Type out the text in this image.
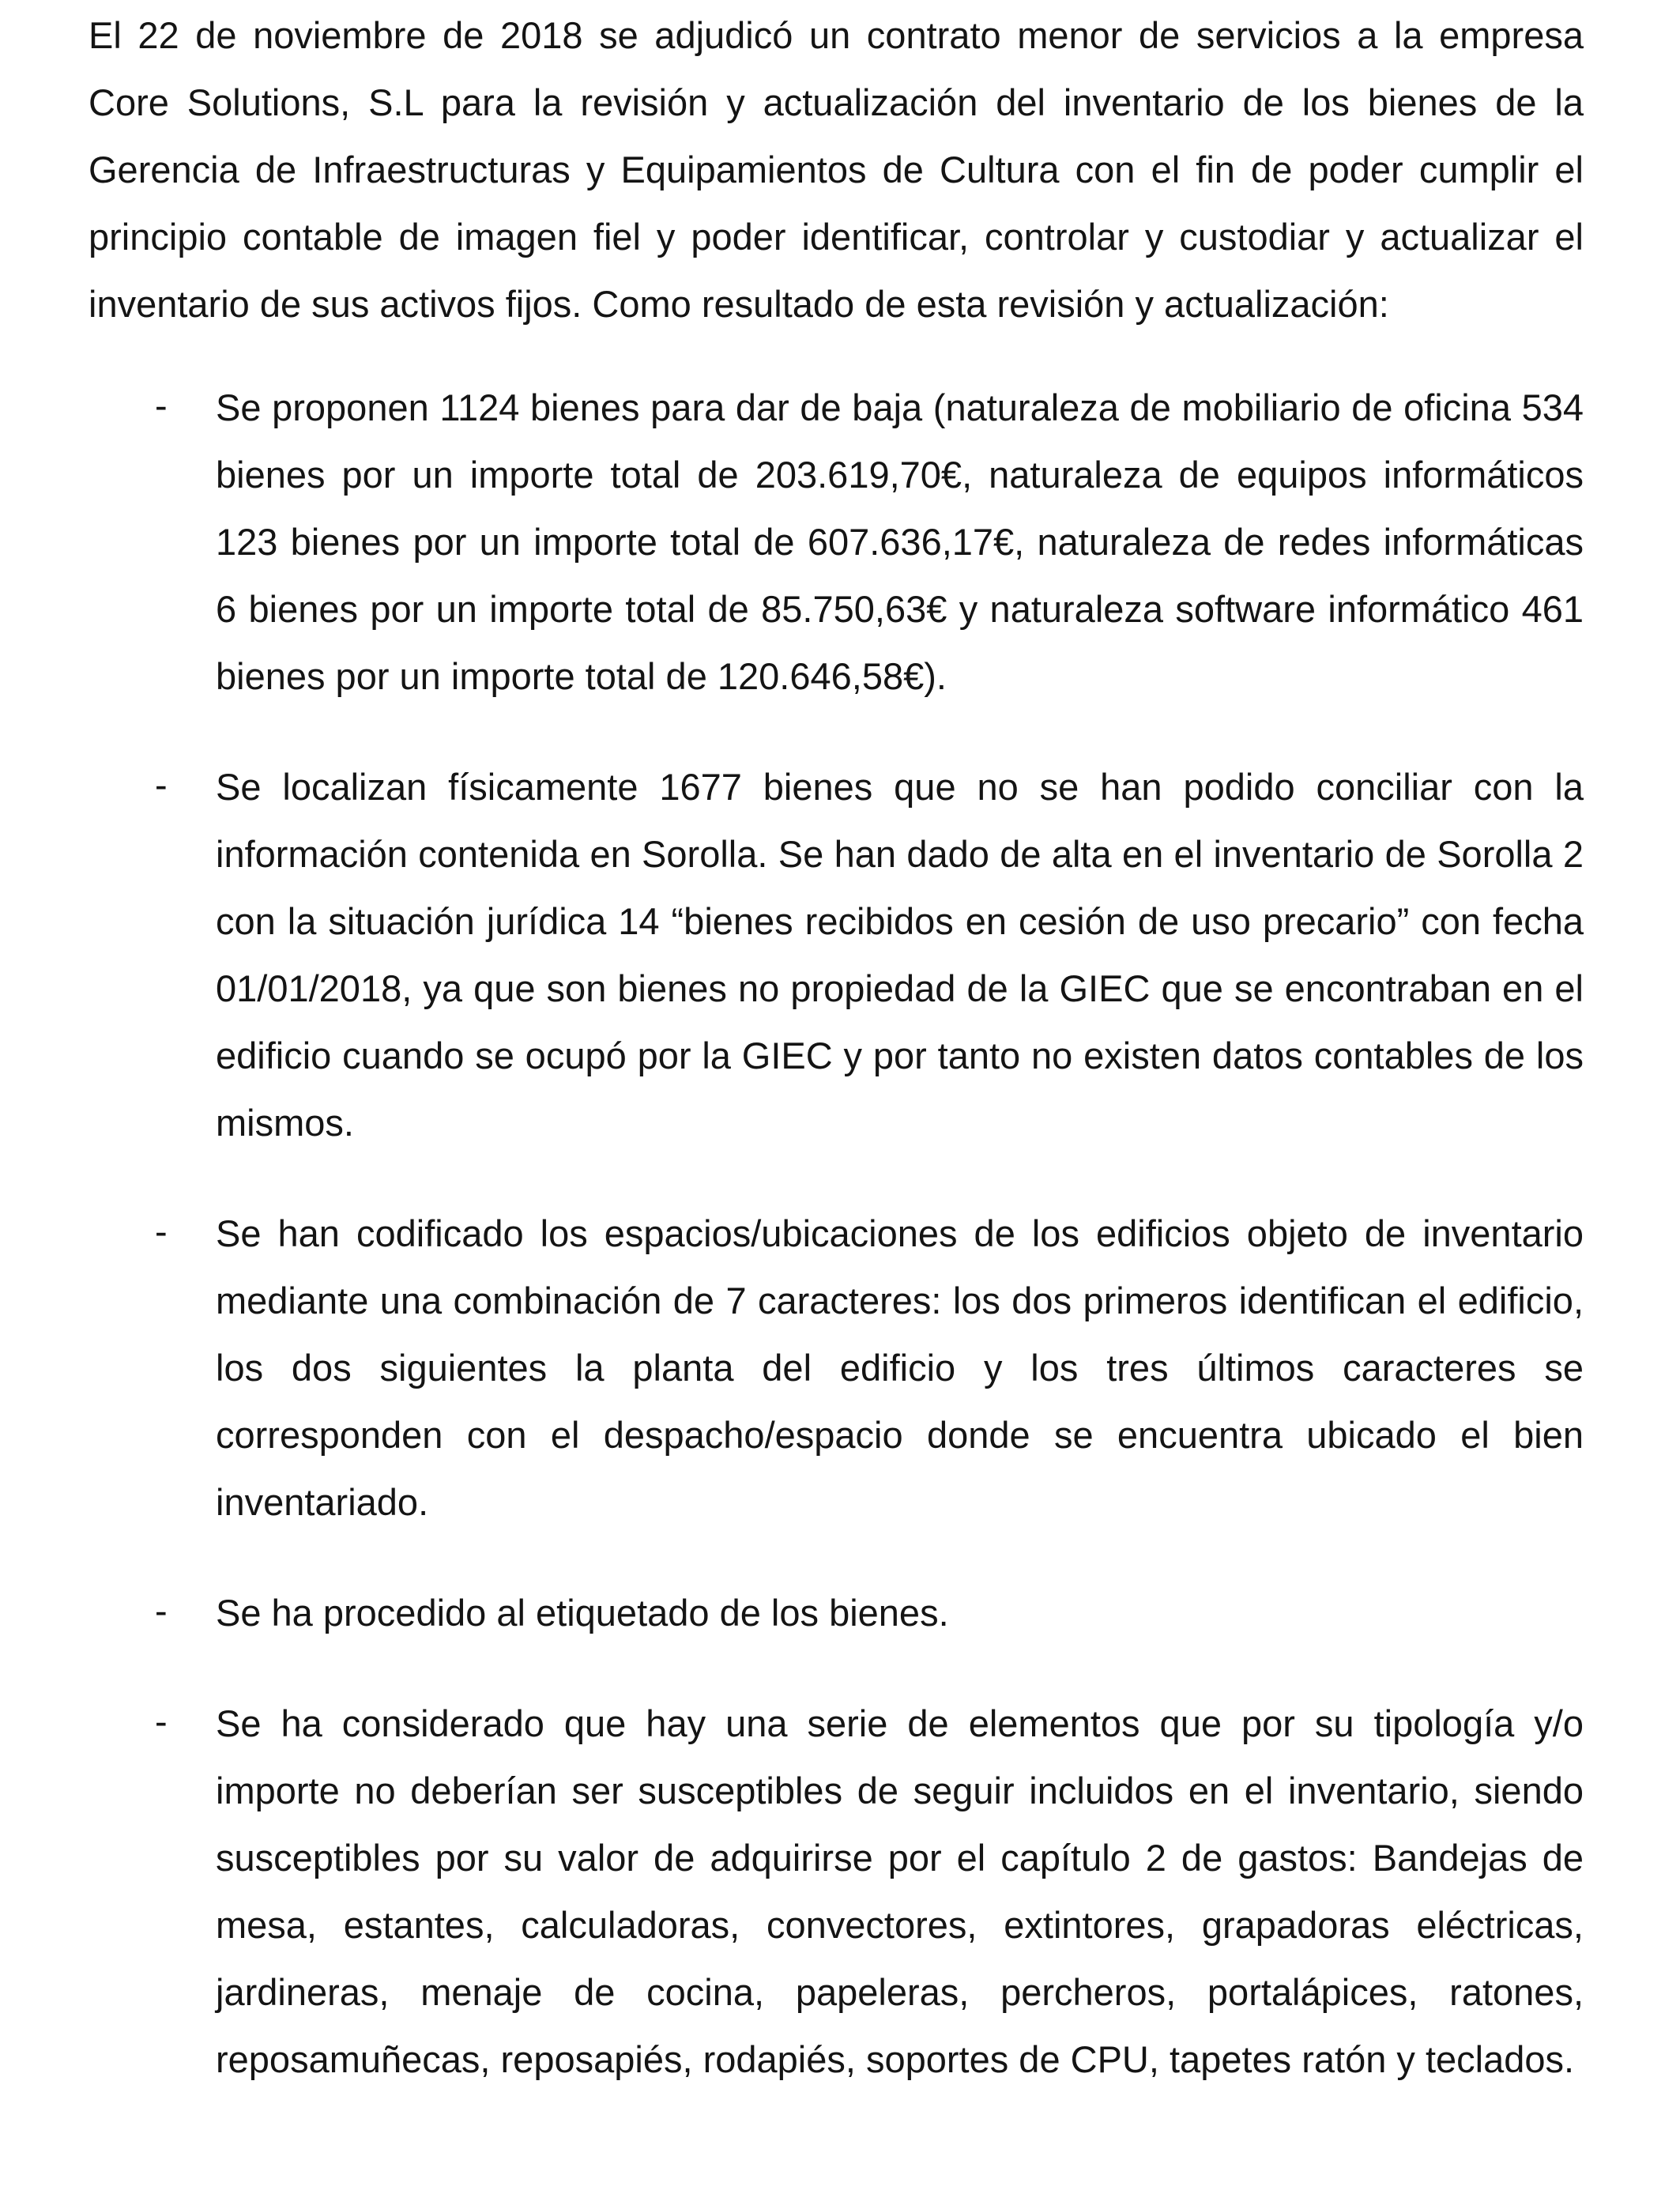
El 22 de noviembre de 2018 se adjudicó un contrato menor de servicios a la empresa Core Solutions, S.L para la revisión y actualización del inventario de los bienes de la Gerencia de Infraestructuras y Equipamientos de Cultura con el fin de poder cumplir el principio contable de imagen fiel y poder identificar, controlar y custodiar y actualizar el inventario de sus activos fijos. Como resultado de esta revisión y actualización:

- Se proponen 1124 bienes para dar de baja (naturaleza de mobiliario de oficina 534 bienes por un importe total de 203.619,70€, naturaleza de equipos informáticos 123 bienes por un importe total de 607.636,17€, naturaleza de redes informáticas 6 bienes por un importe total de 85.750,63€ y naturaleza software informático 461 bienes por un importe total de 120.646,58€).
- Se localizan físicamente 1677 bienes que no se han podido conciliar con la información contenida en Sorolla. Se han dado de alta en el inventario de Sorolla 2 con la situación jurídica 14 “bienes recibidos en cesión de uso precario” con fecha 01/01/2018, ya que son bienes no propiedad de la GIEC que se encontraban en el edificio cuando se ocupó por la GIEC y por tanto no existen datos contables de los mismos.
- Se han codificado los espacios/ubicaciones de los edificios objeto de inventario mediante una combinación de 7 caracteres: los dos primeros identifican el edificio, los dos siguientes la planta del edificio y los tres últimos caracteres se corresponden con el despacho/espacio donde se encuentra ubicado el bien inventariado.
- Se ha procedido al etiquetado de los bienes.
- Se ha considerado que hay una serie de elementos que por su tipología y/o importe no deberían ser susceptibles de seguir incluidos en el inventario, siendo susceptibles por su valor de adquirirse por el capítulo 2 de gastos: Bandejas de mesa, estantes, calculadoras, convectores, extintores, grapadoras eléctricas, jardineras, menaje de cocina, papeleras, percheros, portalápices, ratones, reposamuñecas, reposapiés, rodapiés, soportes de CPU, tapetes ratón y teclados.
